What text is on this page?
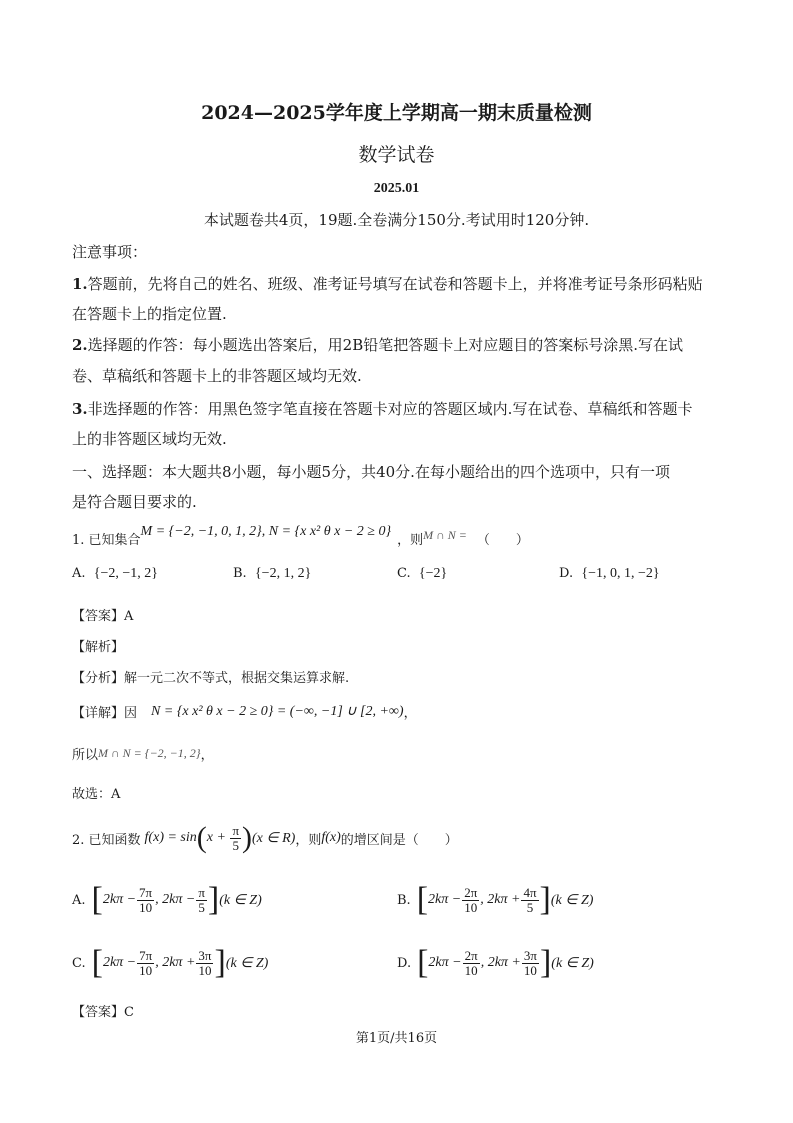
2024—2025学年度上学期高一期末质量检测
数学试卷
2025.01
本试题卷共4页，19题.全卷满分150分.考试用时120分钟.
注意事项：
1.答题前，先将自己的姓名、班级、准考证号填写在试卷和答题卡上，并将准考证号条形码粘贴
在答题卡上的指定位置.
2.选择题的作答：每小题选出答案后，用2B铅笔把答题卡上对应题目的答案标号涂黑.写在试
卷、草稿纸和答题卡上的非答题区域均无效.
3.非选择题的作答：用黑色签字笔直接在答题卡对应的答题区域内.写在试卷、草稿纸和答题卡
上的非答题区域均无效.
一、选择题：本大题共8小题，每小题5分，共40分.在每小题给出的四个选项中，只有一项
是符合题目要求的.
1. 已知集合
M = {−2, −1, 0, 1, 2} , N = {x x² θ x − 2 ≥ 0}
，则 M ∩ N = （　　）
A. {−2, −1, 2}	B. {−2, 1, 2}	C. {−2}	D. {−1, 0, 1, −2}
【答案】A
【解析】
【分析】解一元二次不等式，根据交集运算求解.
【详解】 因 N = {x x² θ x − 2 ≥ 0} = (−∞, −1] ∪ [2, +∞) ，
所以 M ∩ N = {−2, −1, 2} ，
故选：A
2. 已知函数 f(x) = sin ( $x + \frac{\pi}{5}$ ) (x ∈ R) ，则 f(x) 的增区间是（　　）
A. [ $2k\pi - \frac{7\pi}{10}$ , $2k\pi - \frac{\pi}{5}$ ] (k ∈ Z)	B. [ $2k\pi - \frac{2\pi}{10}$ , $2k\pi + \frac{4\pi}{5}$ ] (k ∈ Z)
C. [ $2k\pi - \frac{7\pi}{10}$ , $2k\pi + \frac{3\pi}{10}$ ] (k ∈ Z)	D. [ $2k\pi - \frac{2\pi}{10}$ , $2k\pi + \frac{3\pi}{10}$ ] (k ∈ Z)
【答案】C
第1页/共16页
